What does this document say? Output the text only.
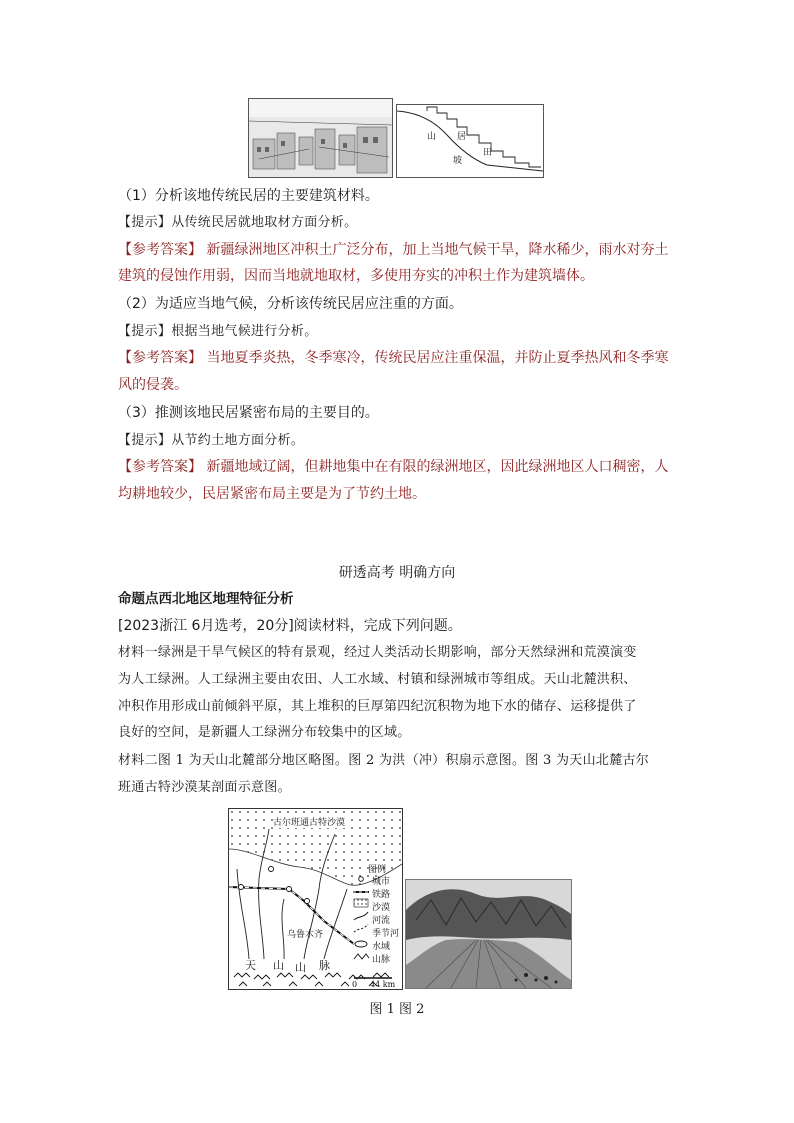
山 居
坡
田
（1）分析该地传统民居的主要建筑材料。
【提示】从传统民居就地取材方面分析。
【参考答案】 新疆绿洲地区冲积土广泛分布，加上当地气候干旱，降水稀少，雨水对夯土
建筑的侵蚀作用弱，因而当地就地取材，多使用夯实的冲积土作为建筑墙体。
（2）为适应当地气候，分析该传统民居应注重的方面。
【提示】根据当地气候进行分析。
【参考答案】 当地夏季炎热，冬季寒冷，传统民居应注重保温，并防止夏季热风和冬季寒
风的侵袭。
（3）推测该地民居紧密布局的主要目的。
【提示】从节约土地方面分析。
【参考答案】 新疆地域辽阔，但耕地集中在有限的绿洲地区，因此绿洲地区人口稠密，人
均耕地较少，民居紧密布局主要是为了节约土地。
研透高考 明确方向
命题点西北地区地理特征分析
[2023浙江 6月选考，20分]阅读材料，完成下列问题。
材料一绿洲是干旱气候区的特有景观，经过人类活动长期影响，部分天然绿洲和荒漠演变
为人工绿洲。人工绿洲主要由农田、人工水域、村镇和绿洲城市等组成。天山北麓洪积、
冲积作用形成山前倾斜平原，其上堆积的巨厚第四纪沉积物为地下水的储存、运移提供了
良好的空间，是新疆人工绿洲分布较集中的区域。
材料二图 1 为天山北麓部分地区略图。图 2 为洪（冲）积扇示意图。图 3 为天山北麓古尔
班通古特沙漠某剖面示意图。
古尔班通古特沙漠
乌鲁木齐
天 山 山 脉
图例
城市
铁路
沙漠
河流
季节河
水域
山脉
0 44 km
图 1 图 2
